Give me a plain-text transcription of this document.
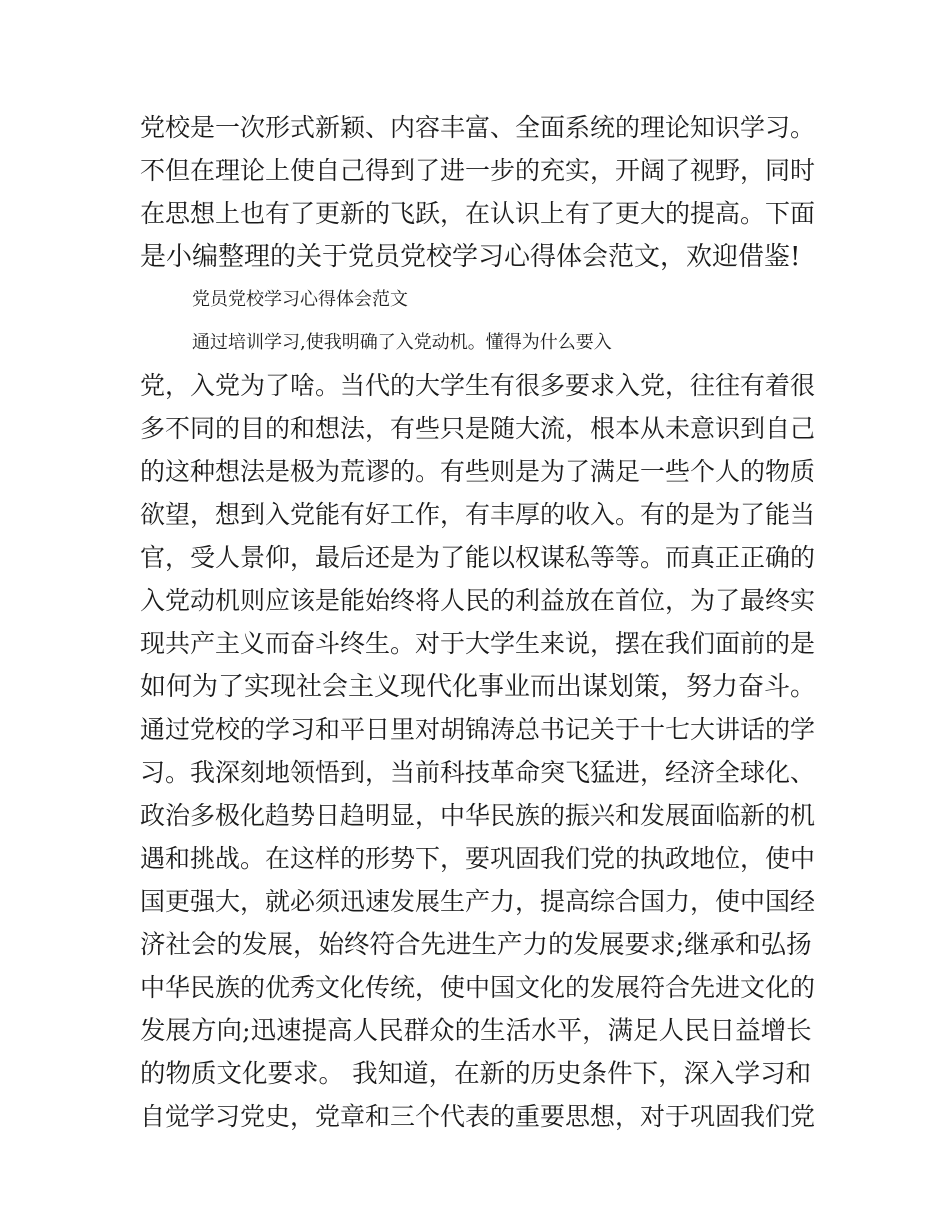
党校是一次形式新颖、内容丰富、全面系统的理论知识学习。
不但在理论上使自己得到了进一步的充实，开阔了视野，同时
在思想上也有了更新的飞跃，在认识上有了更大的提高。下面
是小编整理的关于党员党校学习心得体会范文，欢迎借鉴!
党员党校学习心得体会范文
通过培训学习,使我明确了入党动机。懂得为什么要入
党，入党为了啥。当代的大学生有很多要求入党，往往有着很
多不同的目的和想法，有些只是随大流，根本从未意识到自己
的这种想法是极为荒谬的。有些则是为了满足一些个人的物质
欲望，想到入党能有好工作，有丰厚的收入。有的是为了能当
官，受人景仰，最后还是为了能以权谋私等等。而真正正确的
入党动机则应该是能始终将人民的利益放在首位，为了最终实
现共产主义而奋斗终生。对于大学生来说，摆在我们面前的是
如何为了实现社会主义现代化事业而出谋划策，努力奋斗。
通过党校的学习和平日里对胡锦涛总书记关于十七大讲话的学
习。我深刻地领悟到，当前科技革命突飞猛进，经济全球化、
政治多极化趋势日趋明显，中华民族的振兴和发展面临新的机
遇和挑战。在这样的形势下，要巩固我们党的执政地位，使中
国更强大，就必须迅速发展生产力，提高综合国力，使中国经
济社会的发展，始终符合先进生产力的发展要求;继承和弘扬
中华民族的优秀文化传统，使中国文化的发展符合先进文化的
发展方向;迅速提高人民群众的生活水平，满足人民日益增长
的物质文化要求。 我知道，在新的历史条件下，深入学习和
自觉学习党史，党章和三个代表的重要思想，对于巩固我们党
